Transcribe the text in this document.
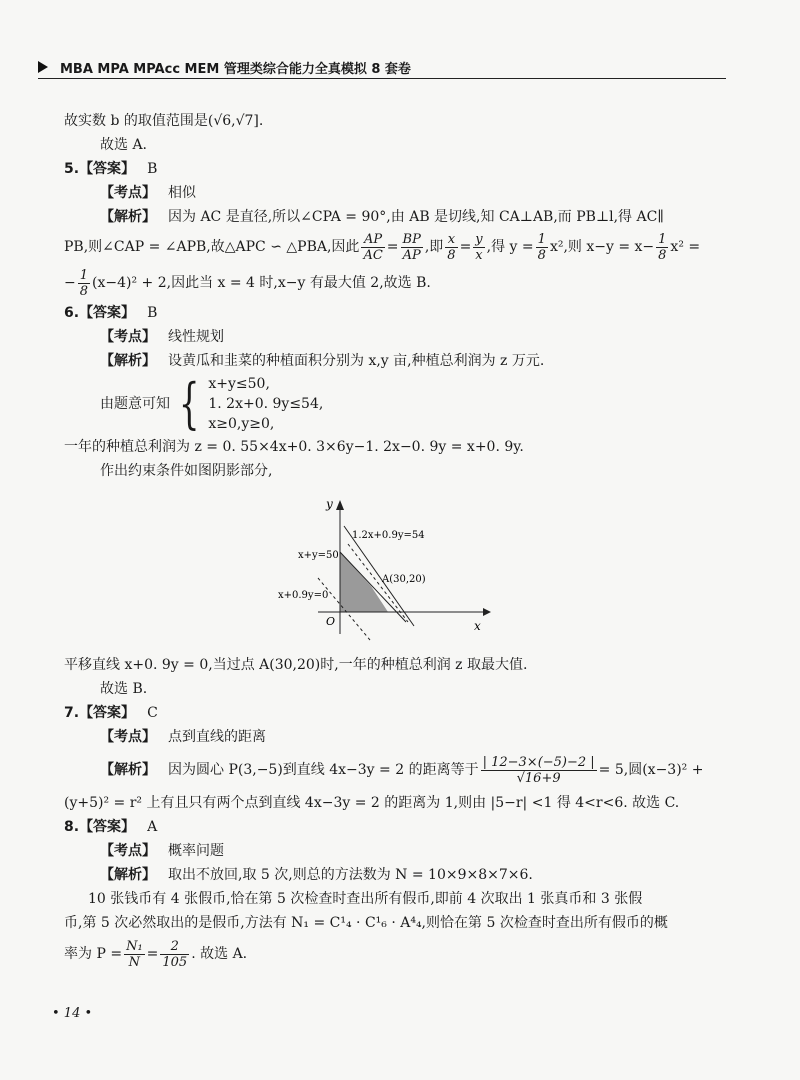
MBA MPA MPAcc MEM 管理类综合能力全真模拟 8 套卷

故实数 b 的取值范围是(√6,√7].

故选 A.

5.【答案】 B

【考点】 相似

【解析】 因为 AC 是直径,所以∠CPA = 90°,由 AB 是切线,知 CA⊥AB,而 PB⊥l,得 AC∥

PB,则∠CAP = ∠APB,故△APC ∽ △PBA,因此 $\frac{AP}{AC} = \frac{BP}{AP}$ ,即 $\frac{x}{8} = \frac{y}{x}$ ,得 $y = \frac{1}{8} x^2$,则 $x-y = x- \frac{1}{8} x^2$ =

− $\frac{1}{8} (x-4)^2 + 2$,因此当 x = 4 时,x−y 有最大值 2,故选 B.

6.【答案】 B

【考点】 线性规划

【解析】 设黄瓜和韭菜的种植面积分别为 x,y 亩,种植总利润为 z 万元.

由题意可知 { x+y≤50,
1. 2x+0. 9y≤54,
x≥0,y≥0,

一年的种植总利润为 z = 0. 55×4x+0. 3×6y−1. 2x−0. 9y = x+0. 9y.

作出约束条件如图阴影部分,

y
x
O
1.2x+0.9y=54
x+y=50
x+0.9y=0
A(30,20)

平移直线 x+0. 9y = 0,当过点 A(30,20)时,一年的种植总利润 z 取最大值.

故选 B.

7.【答案】 C

【考点】 点到直线的距离

【解析】 因为圆心 P(3,−5)到直线 4x−3y = 2 的距离等于 $\frac{| 12-3\times(-5)-2 |}{√16+9} = 5$,圆(x−3)² +

(y+5)² = r² 上有且只有两个点到直线 4x−3y = 2 的距离为 1,则由 |5−r| <1 得 4<r<6. 故选 C.

8.【答案】 A

【考点】 概率问题

【解析】 取出不放回,取 5 次,则总的方法数为 N = 10×9×8×7×6.

10 张钱币有 4 张假币,恰在第 5 次检查时查出所有假币,即前 4 次取出 1 张真币和 3 张假

币,第 5 次必然取出的是假币,方法有 N₁ = C¹₄ · C¹₆ · A⁴₄,则恰在第 5 次检查时查出所有假币的概

率为 $P = \frac{\text{N₁}}{N} = \frac{2}{105}$ . 故选 A.

• 14 •
